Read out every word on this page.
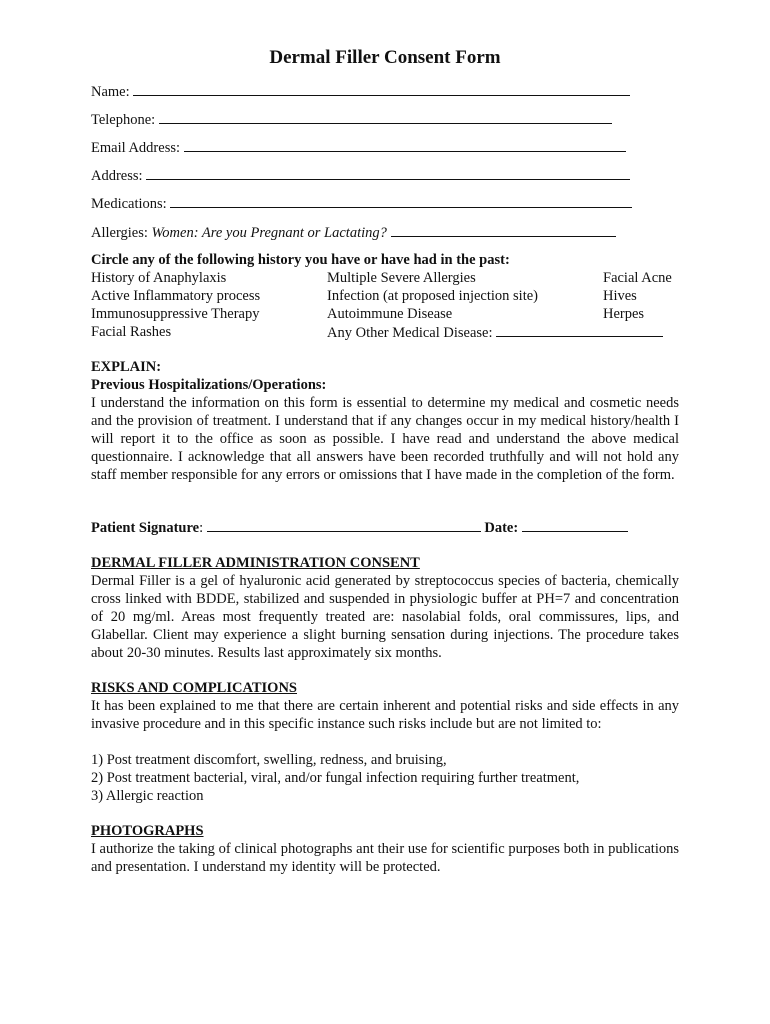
Dermal Filler Consent Form
Name:
Telephone:
Email Address:
Address:
Medications:
Allergies: Women: Are you Pregnant or Lactating?
Circle any of the following history you have or have had in the past:
History of Anaphylaxis
Active Inflammatory process
Immunosuppressive Therapy
Facial Rashes
Multiple Severe Allergies
Infection (at proposed injection site)
Autoimmune Disease
Any Other Medical Disease:
Facial Acne
Hives
Herpes
EXPLAIN:
Previous Hospitalizations/Operations:
I understand the information on this form is essential to determine my medical and cosmetic needs and the provision of treatment. I understand that if any changes occur in my medical history/health I will report it to the office as soon as possible. I have read and understand the above medical questionnaire. I acknowledge that all answers have been recorded truthfully and will not hold any staff member responsible for any errors or omissions that I have made in the completion of the form.
Patient Signature:	Date:
DERMAL FILLER ADMINISTRATION CONSENT
Dermal Filler is a gel of hyaluronic acid generated by streptococcus species of bacteria, chemically cross linked with BDDE, stabilized and suspended in physiologic buffer at PH=7 and concentration of 20 mg/ml. Areas most frequently treated are: nasolabial folds, oral commissures, lips, and Glabellar. Client may experience a slight burning sensation during injections. The procedure takes about 20-30 minutes. Results last approximately six months.
RISKS AND COMPLICATIONS
It has been explained to me that there are certain inherent and potential risks and side effects in any invasive procedure and in this specific instance such risks include but are not limited to:
1) Post treatment discomfort, swelling, redness, and bruising,
2) Post treatment bacterial, viral, and/or fungal infection requiring further treatment,
3) Allergic reaction
PHOTOGRAPHS
I authorize the taking of clinical photographs ant their use for scientific purposes both in publications and presentation. I understand my identity will be protected.
